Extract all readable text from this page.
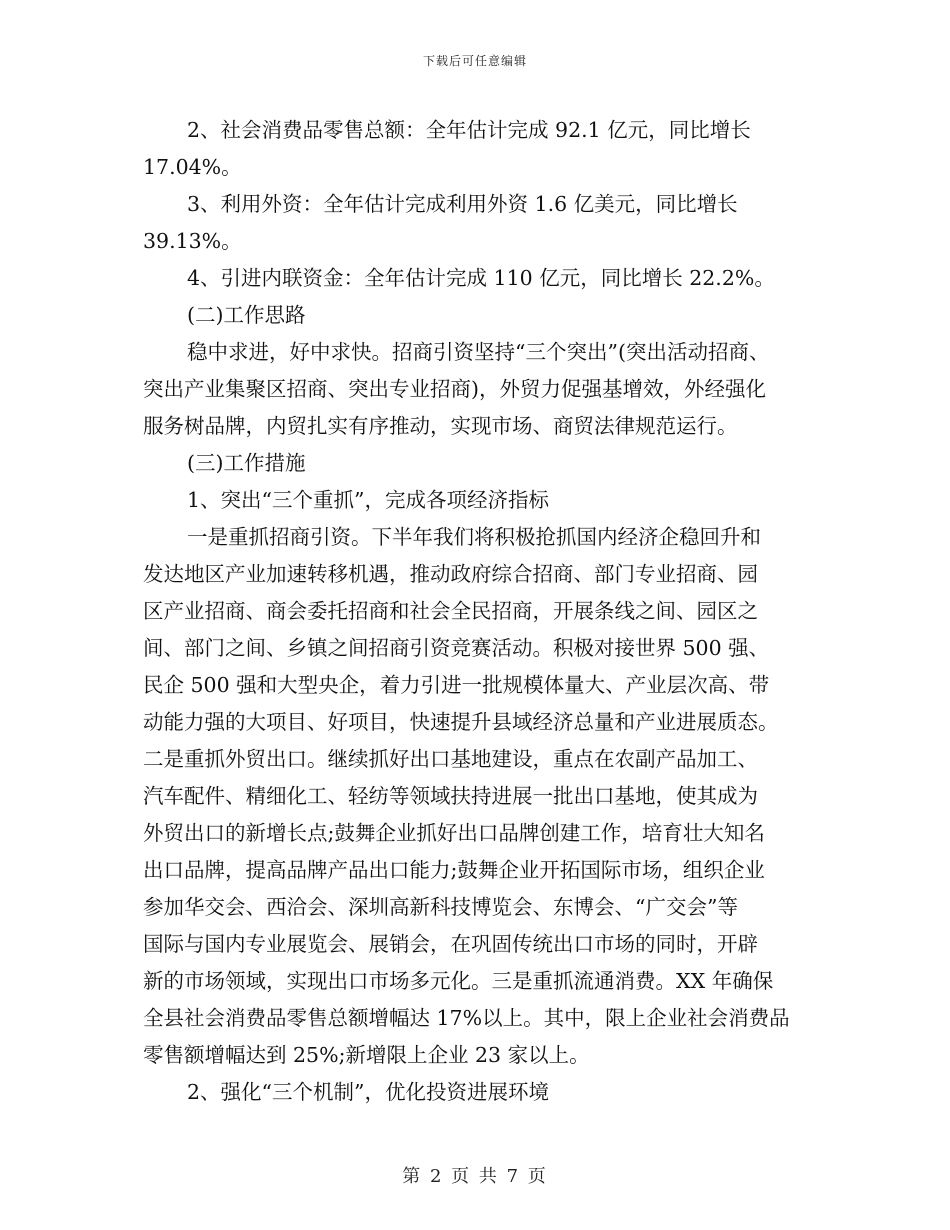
下载后可任意编辑
2、社会消费品零售总额：全年估计完成 92.1 亿元，同比增长
17.04%。
3、利用外资：全年估计完成利用外资 1.6 亿美元，同比增长
39.13%。
4、引进内联资金：全年估计完成 110 亿元，同比增长 22.2%。
(二)工作思路
稳中求进，好中求快。招商引资坚持“三个突出”(突出活动招商、
突出产业集聚区招商、突出专业招商)，外贸力促强基增效，外经强化
服务树品牌，内贸扎实有序推动，实现市场、商贸法律规范运行。
(三)工作措施
1、突出“三个重抓”，完成各项经济指标
一是重抓招商引资。下半年我们将积极抢抓国内经济企稳回升和
发达地区产业加速转移机遇，推动政府综合招商、部门专业招商、园
区产业招商、商会委托招商和社会全民招商，开展条线之间、园区之
间、部门之间、乡镇之间招商引资竞赛活动。积极对接世界 500 强、
民企 500 强和大型央企，着力引进一批规模体量大、产业层次高、带
动能力强的大项目、好项目，快速提升县域经济总量和产业进展质态。
二是重抓外贸出口。继续抓好出口基地建设，重点在农副产品加工、
汽车配件、精细化工、轻纺等领域扶持进展一批出口基地，使其成为
外贸出口的新增长点;鼓舞企业抓好出口品牌创建工作，培育壮大知名
出口品牌，提高品牌产品出口能力;鼓舞企业开拓国际市场，组织企业
参加华交会、西洽会、深圳高新科技博览会、东博会、“广交会”等
国际与国内专业展览会、展销会，在巩固传统出口市场的同时，开辟
新的市场领域，实现出口市场多元化。三是重抓流通消费。XX 年确保
全县社会消费品零售总额增幅达 17%以上。其中，限上企业社会消费品
零售额增幅达到 25%;新增限上企业 23 家以上。
2、强化“三个机制”，优化投资进展环境
第 2 页 共 7 页
